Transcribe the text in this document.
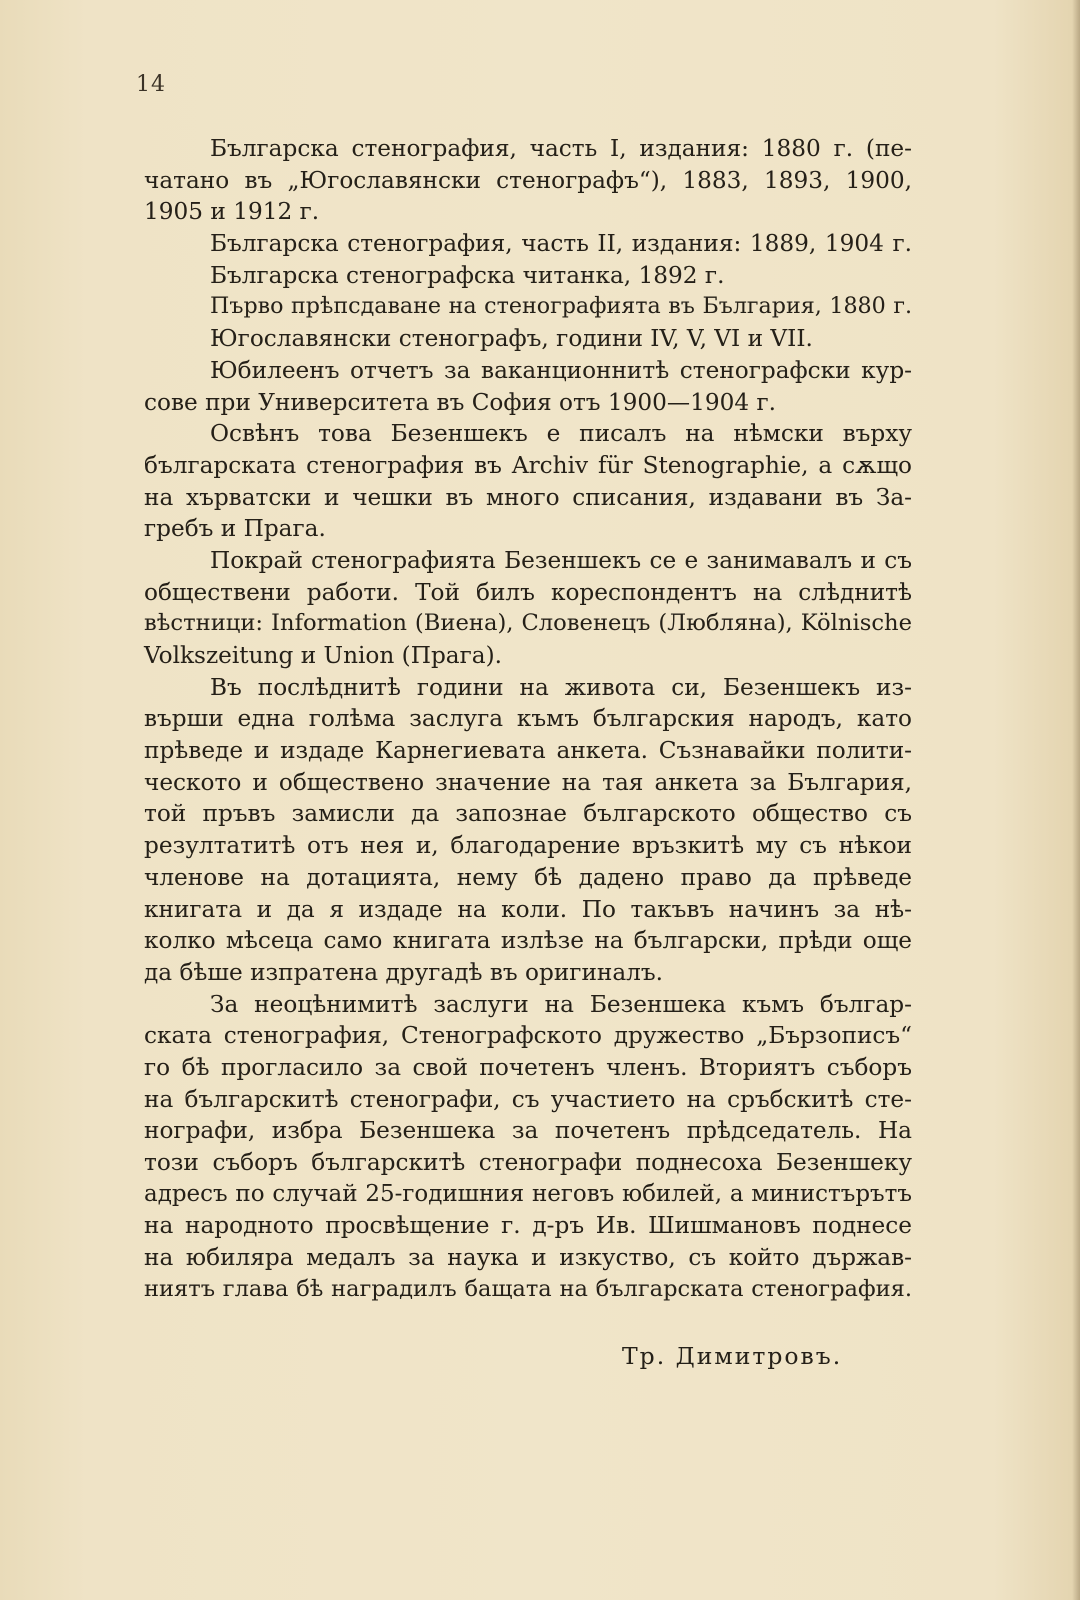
14
Българска стенография, часть I, издания: 1880 г. (пе-
чатано въ „Югославянски стенографъ“), 1883, 1893, 1900,
1905 и 1912 г.
Българска стенография, часть II, издания: 1889, 1904 г.
Българска стенографска читанка, 1892 г.
Първо прѣпсдаване на стенографията въ България, 1880 г.
Югославянски стенографъ, години IV, V, VI и VII.
Юбилеенъ отчетъ за ваканционнитѣ стенографски кур-
сове при Университета въ София отъ 1900—1904 г.
Освѣнъ това Безеншекъ е писалъ на нѣмски върху
българската стенография въ Archiv für Stenographie, а сѫщо
на хърватски и чешки въ много списания, издавани въ За-
гребъ и Прага.
Покрай стенографията Безеншекъ се е занимавалъ и съ
обществени работи. Той билъ кореспондентъ на слѣднитѣ
вѣстници: Information (Виена), Словенецъ (Любляна), Kölnische
Volkszeitung и Union (Прага).
Въ послѣднитѣ години на живота си, Безеншекъ из-
върши една голѣма заслуга къмъ българския народъ, като
прѣведе и издаде Карнегиевата анкета. Съзнавайки полити-
ческото и обществено значение на тая анкета за България,
той пръвъ замисли да запознае българското общество съ
резултатитѣ отъ нея и, благодарение връзкитѣ му съ нѣкои
членове на дотацията, нему бѣ дадено право да прѣведе
книгата и да я издаде на коли. По такъвъ начинъ за нѣ-
колко мѣсеца само книгата излѣзе на български, прѣди още
да бѣше изпратена другадѣ въ оригиналъ.
За неоцѣнимитѣ заслуги на Безеншека къмъ българ-
ската стенография, Стенографското дружество „Бързописъ“
го бѣ прогласило за свой почетенъ членъ. Вториятъ съборъ
на българскитѣ стенографи, съ участието на сръбскитѣ сте-
нографи, избра Безеншека за почетенъ прѣдседатель. На
този съборъ българскитѣ стенографи поднесоха Безеншеку
адресъ по случай 25-годишния неговъ юбилей, а министърътъ
на народното просвѣщение г. д-ръ Ив. Шишмановъ поднесе
на юбиляра медалъ за наука и изкуство, съ който държав-
ниятъ глава бѣ наградилъ бащата на българската стенография.
Тр. Димитровъ.
